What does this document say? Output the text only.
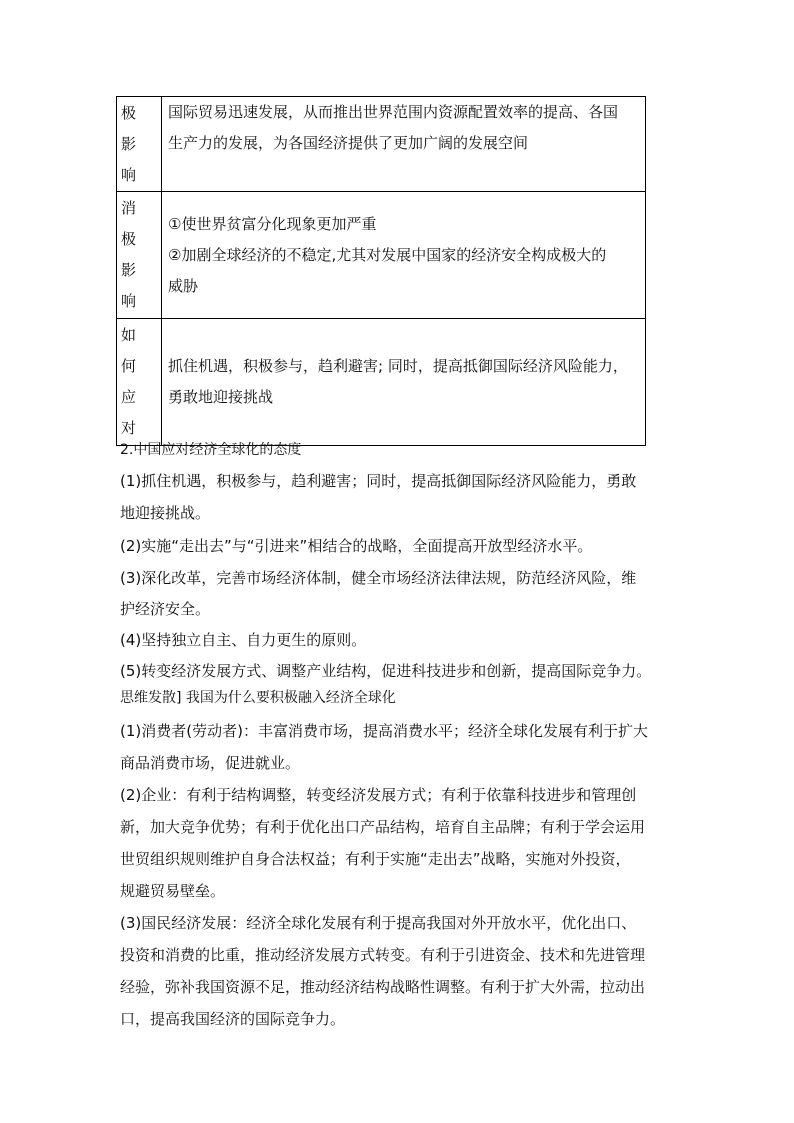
极
影
响	国际贸易迅速发展，从而推出世界范围内资源配置效率的提高、各国
生产力的发展，为各国经济提供了更加广阔的发展空间

消
极
影
响	①使世界贫富分化现象更加严重
②加剧全球经济的不稳定,尤其对发展中国家的经济安全构成极大的
威胁

如
何
应
对	抓住机遇，积极参与，趋利避害; 同时，提高抵御国际经济风险能力，
勇敢地迎接挑战
2.中国应对经济全球化的态度
(1)抓住机遇，积极参与，趋利避害；同时，提高抵御国际经济风险能力，勇敢
地迎接挑战。
(2)实施“走出去”与“引进来”相结合的战略，全面提高开放型经济水平。
(3)深化改革，完善市场经济体制，健全市场经济法律法规，防范经济风险，维
护经济安全。
(4)坚持独立自主、自力更生的原则。
(5)转变经济发展方式、调整产业结构，促进科技进步和创新，提高国际竞争力。
思维发散] 我国为什么要积极融入经济全球化
(1)消费者(劳动者)：丰富消费市场，提高消费水平；经济全球化发展有利于扩大
商品消费市场，促进就业。
(2)企业：有利于结构调整，转变经济发展方式；有利于依靠科技进步和管理创
新，加大竞争优势；有利于优化出口产品结构，培育自主品牌；有利于学会运用
世贸组织规则维护自身合法权益；有利于实施“走出去”战略，实施对外投资，
规避贸易壁垒。
(3)国民经济发展：经济全球化发展有利于提高我国对外开放水平，优化出口、
投资和消费的比重，推动经济发展方式转变。有利于引进资金、技术和先进管理
经验，弥补我国资源不足，推动经济结构战略性调整。有利于扩大外需，拉动出
口，提高我国经济的国际竞争力。
